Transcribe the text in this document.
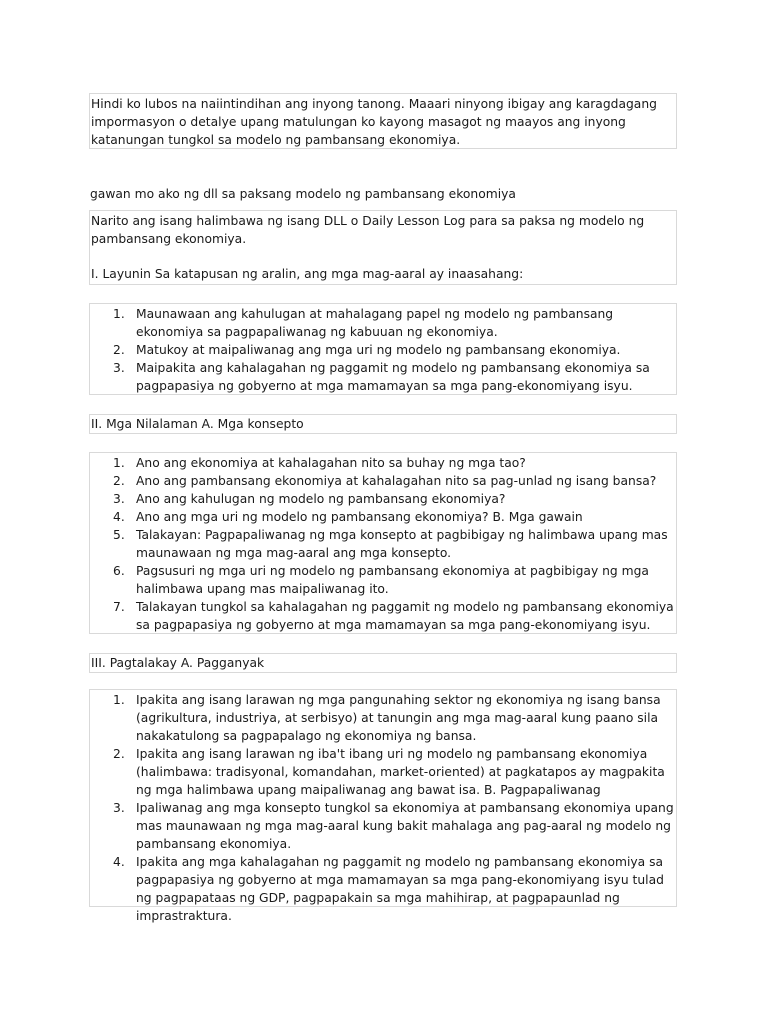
Hindi ko lubos na naiintindihan ang inyong tanong. Maaari ninyong ibigay ang karagdagang impormasyon o detalye upang matulungan ko kayong masagot ng maayos ang inyong katanungan tungkol sa modelo ng pambansang ekonomiya.

gawan mo ako ng dll sa paksang modelo ng pambansang ekonomiya

Narito ang isang halimbawa ng isang DLL o Daily Lesson Log para sa paksa ng modelo ng pambansang ekonomiya.

I. Layunin Sa katapusan ng aralin, ang mga mag-aaral ay inaasahang:

1. Maunawaan ang kahulugan at mahalagang papel ng modelo ng pambansang ekonomiya sa pagpapaliwanag ng kabuuan ng ekonomiya.
2. Matukoy at maipaliwanag ang mga uri ng modelo ng pambansang ekonomiya.
3. Maipakita ang kahalagahan ng paggamit ng modelo ng pambansang ekonomiya sa pagpapasiya ng gobyerno at mga mamamayan sa mga pang-ekonomiyang isyu.

II. Mga Nilalaman A. Mga konsepto

1. Ano ang ekonomiya at kahalagahan nito sa buhay ng mga tao?
2. Ano ang pambansang ekonomiya at kahalagahan nito sa pag-unlad ng isang bansa?
3. Ano ang kahulugan ng modelo ng pambansang ekonomiya?
4. Ano ang mga uri ng modelo ng pambansang ekonomiya? B. Mga gawain
5. Talakayan: Pagpapaliwanag ng mga konsepto at pagbibigay ng halimbawa upang mas maunawaan ng mga mag-aaral ang mga konsepto.
6. Pagsusuri ng mga uri ng modelo ng pambansang ekonomiya at pagbibigay ng mga halimbawa upang mas maipaliwanag ito.
7. Talakayan tungkol sa kahalagahan ng paggamit ng modelo ng pambansang ekonomiya sa pagpapasiya ng gobyerno at mga mamamayan sa mga pang-ekonomiyang isyu.

III. Pagtalakay A. Pagganyak

1. Ipakita ang isang larawan ng mga pangunahing sektor ng ekonomiya ng isang bansa (agrikultura, industriya, at serbisyo) at tanungin ang mga mag-aaral kung paano sila nakakatulong sa pagpapalago ng ekonomiya ng bansa.
2. Ipakita ang isang larawan ng iba't ibang uri ng modelo ng pambansang ekonomiya (halimbawa: tradisyonal, komandahan, market-oriented) at pagkatapos ay magpakita ng mga halimbawa upang maipaliwanag ang bawat isa. B. Pagpapaliwanag
3. Ipaliwanag ang mga konsepto tungkol sa ekonomiya at pambansang ekonomiya upang mas maunawaan ng mga mag-aaral kung bakit mahalaga ang pag-aaral ng modelo ng pambansang ekonomiya.
4. Ipakita ang mga kahalagahan ng paggamit ng modelo ng pambansang ekonomiya sa pagpapasiya ng gobyerno at mga mamamayan sa mga pang-ekonomiyang isyu tulad ng pagpapataas ng GDP, pagpapakain sa mga mahihirap, at pagpapaunlad ng imprastraktura.
